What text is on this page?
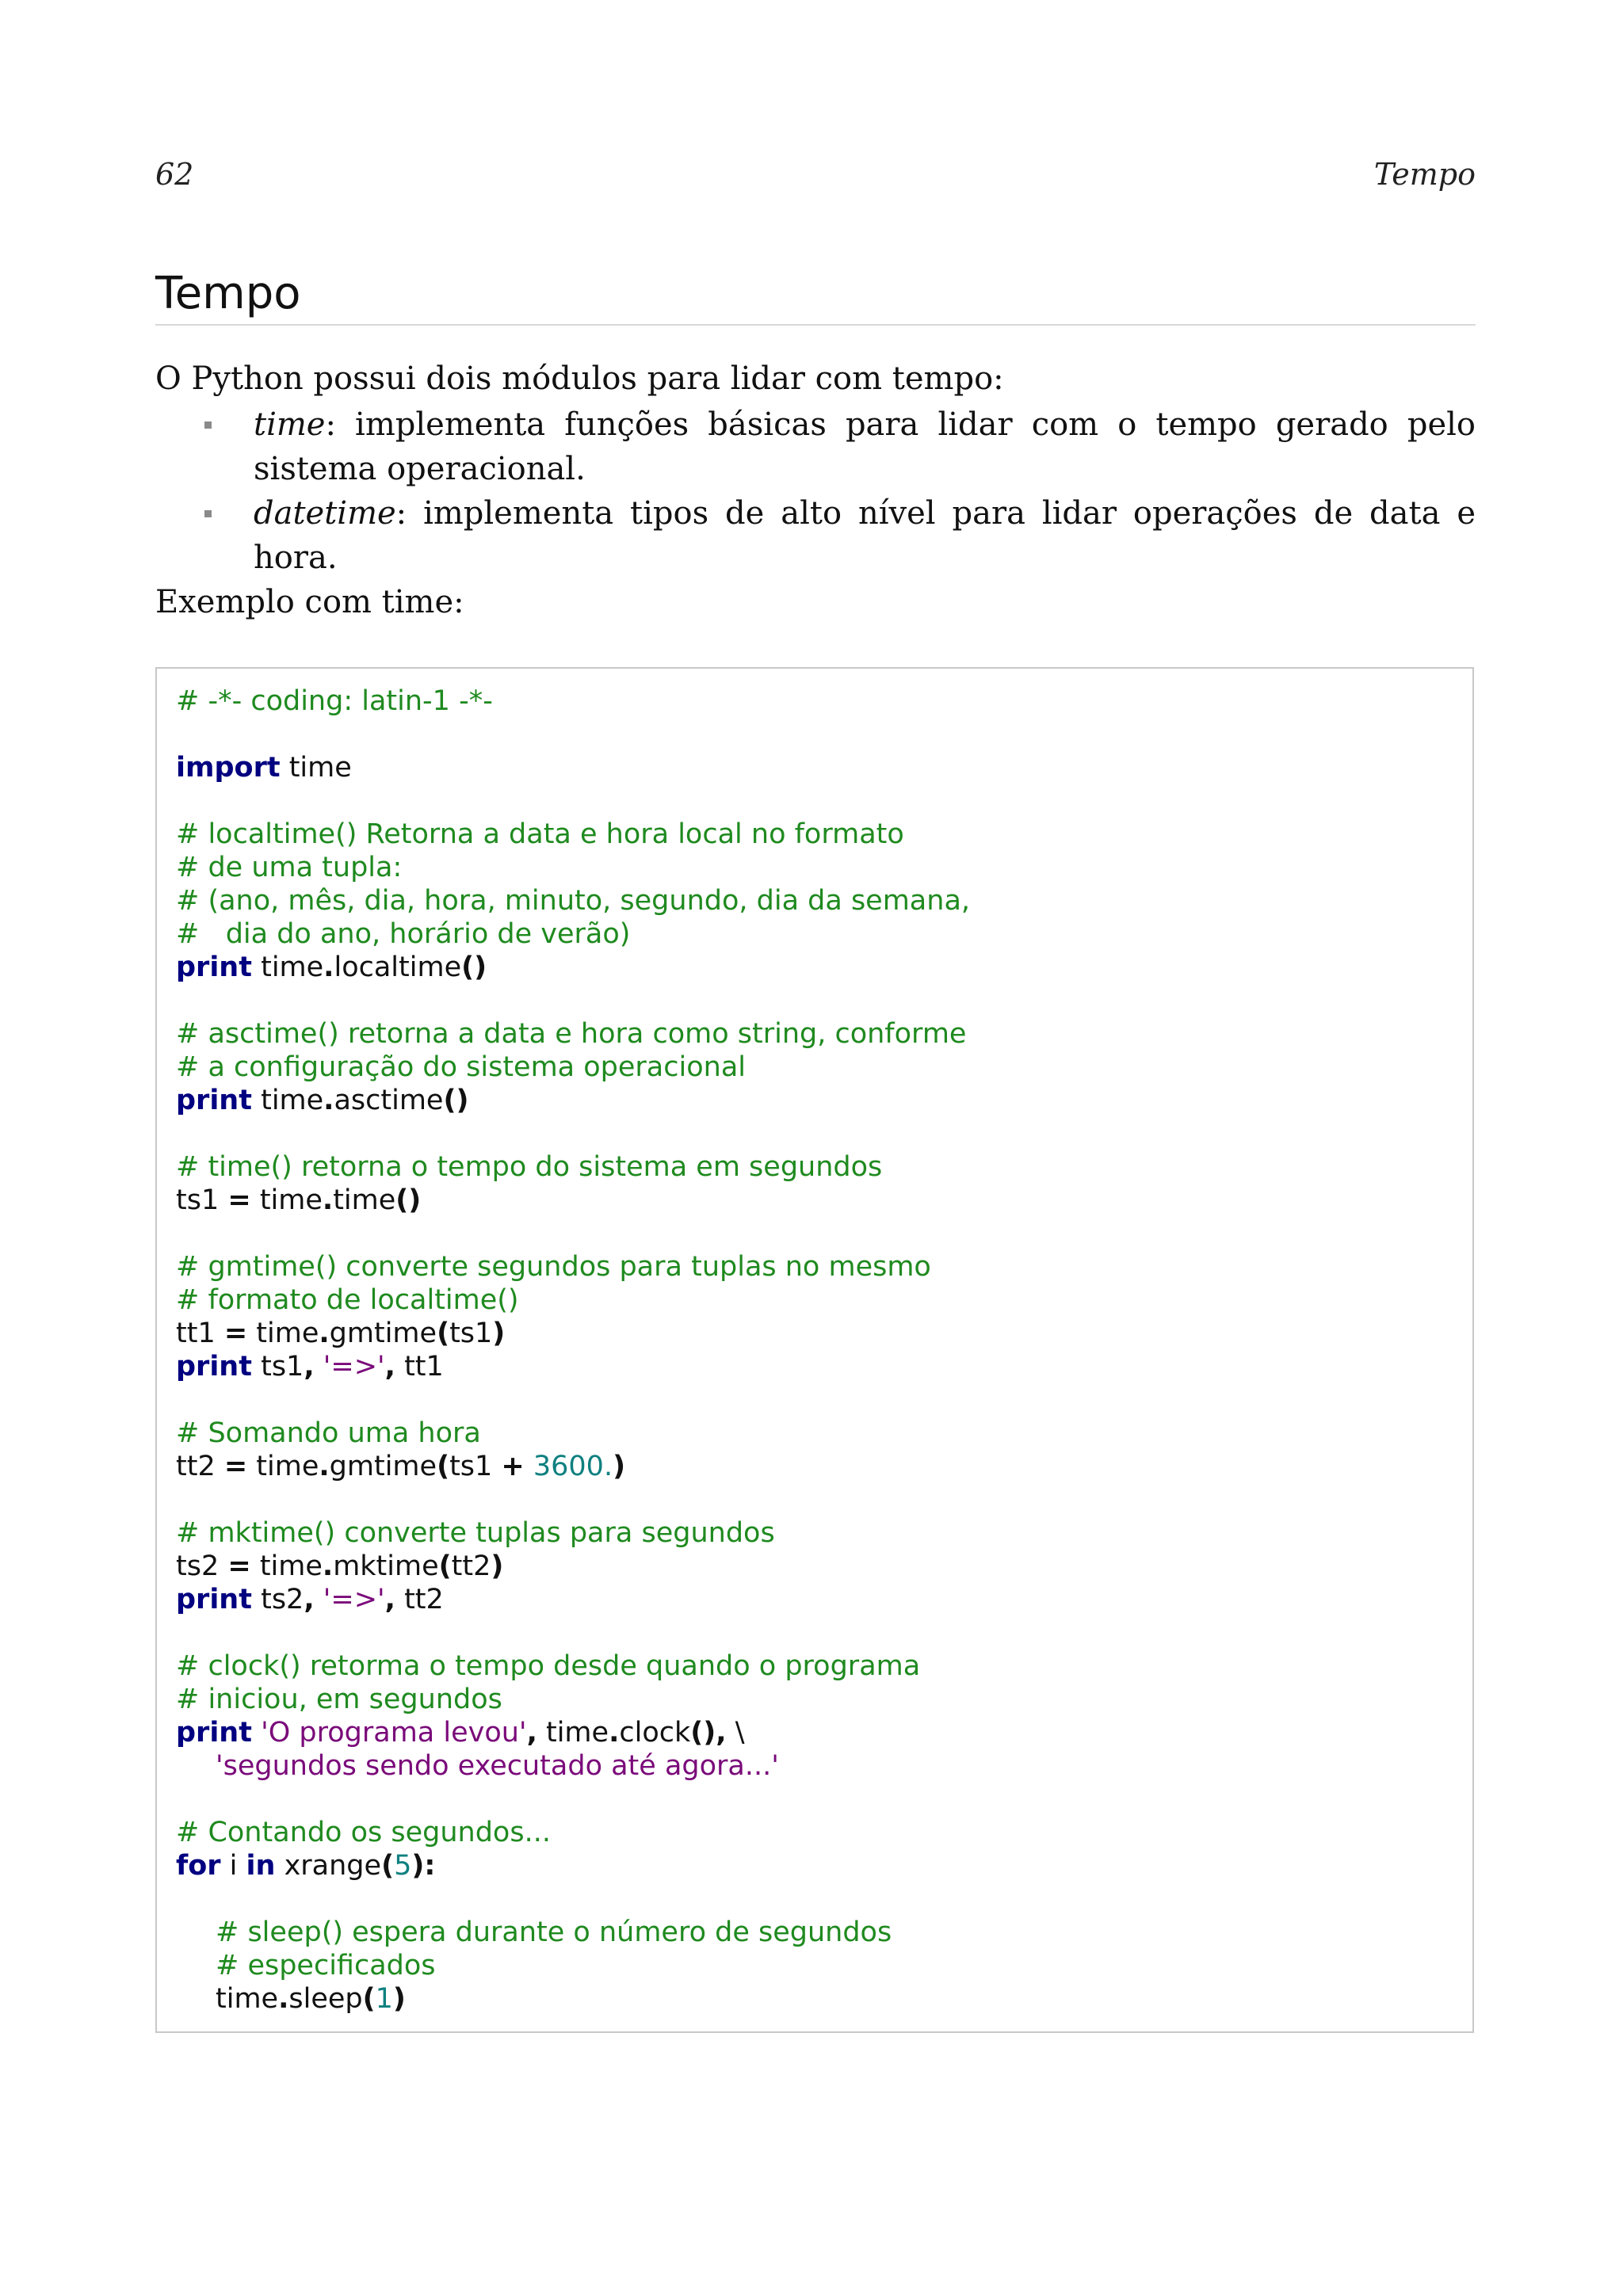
62	Tempo
Tempo
O Python possui dois módulos para lidar com tempo:
time: implementa funções básicas para lidar com o tempo gerado pelo sistema operacional.
datetime: implementa tipos de alto nível para lidar operações de data e hora.
Exemplo com time:
# -*- coding: latin-1 -*-
import time
# localtime() Retorna a data e hora local no formato
# de uma tupla:
# (ano, mês, dia, hora, minuto, segundo, dia da semana,
#   dia do ano, horário de verão)
print time.localtime()
# asctime() retorna a data e hora como string, conforme
# a configuração do sistema operacional
print time.asctime()
# time() retorna o tempo do sistema em segundos
ts1 = time.time()
# gmtime() converte segundos para tuplas no mesmo
# formato de localtime()
tt1 = time.gmtime(ts1)
print ts1, '=>', tt1
# Somando uma hora
tt2 = time.gmtime(ts1 + 3600.)
# mktime() converte tuplas para segundos
ts2 = time.mktime(tt2)
print ts2, '=>', tt2
# clock() retorma o tempo desde quando o programa
# iniciou, em segundos
print 'O programa levou', time.clock(), \
'segundos sendo executado até agora...'
# Contando os segundos...
for i in xrange(5):
# sleep() espera durante o número de segundos
# especificados
time.sleep(1)
